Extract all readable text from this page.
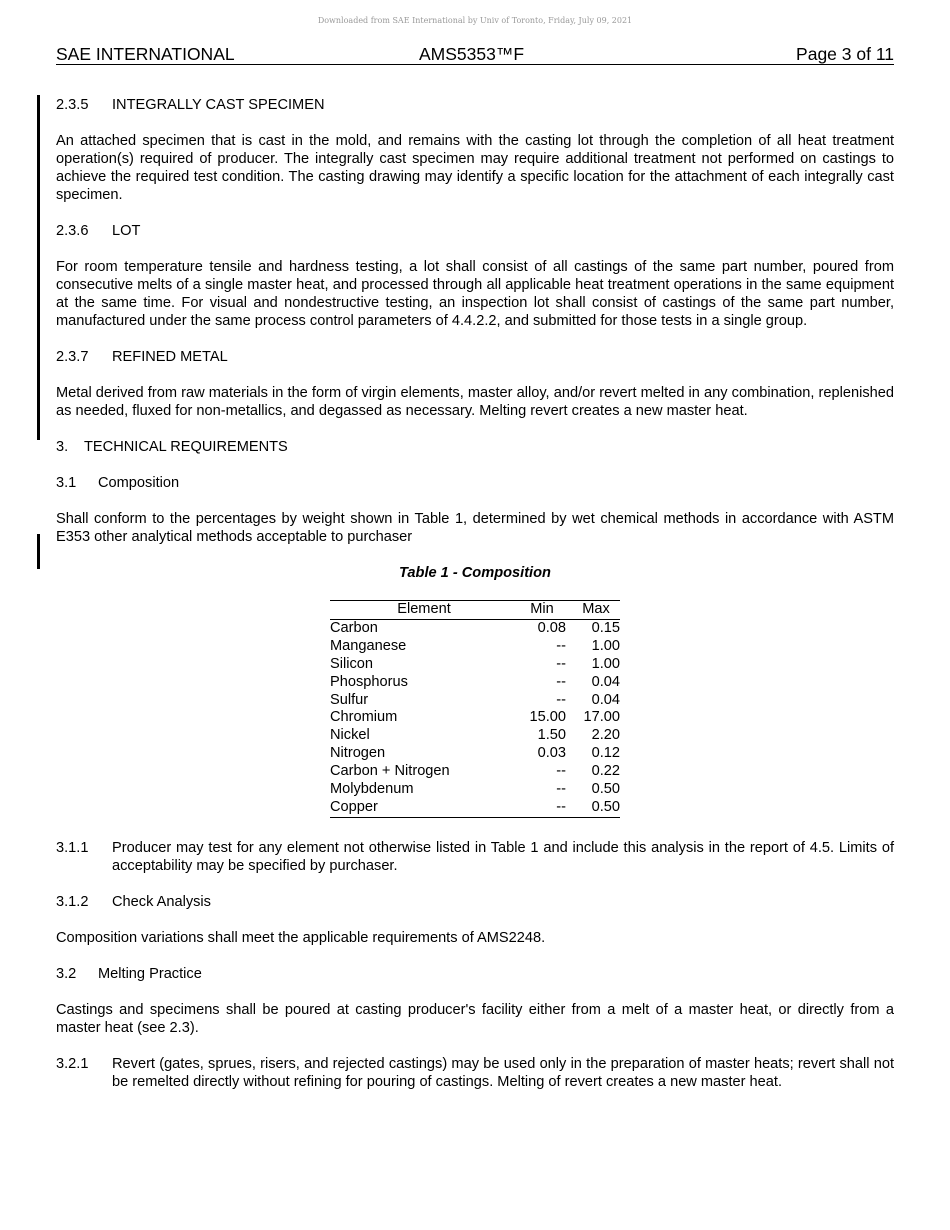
Downloaded from SAE International by Univ of Toronto, Friday, July 09, 2021
SAE INTERNATIONAL	AMS5353™F	Page 3 of 11
2.3.5 INTEGRALLY CAST SPECIMEN

An attached specimen that is cast in the mold, and remains with the casting lot through the completion of all heat treatment operation(s) required of producer. The integrally cast specimen may require additional treatment not performed on castings to achieve the required test condition. The casting drawing may identify a specific location for the attachment of each integrally cast specimen.

2.3.6 LOT

For room temperature tensile and hardness testing, a lot shall consist of all castings of the same part number, poured from consecutive melts of a single master heat, and processed through all applicable heat treatment operations in the same equipment at the same time. For visual and nondestructive testing, an inspection lot shall consist of castings of the same part number, manufactured under the same process control parameters of 4.4.2.2, and submitted for those tests in a single group.

2.3.7 REFINED METAL

Metal derived from raw materials in the form of virgin elements, master alloy, and/or revert melted in any combination, replenished as needed, fluxed for non-metallics, and degassed as necessary. Melting revert creates a new master heat.

3. TECHNICAL REQUIREMENTS
3.1 Composition

Shall conform to the percentages by weight shown in Table 1, determined by wet chemical methods in accordance with ASTM E353 other analytical methods acceptable to purchaser

Table 1 - Composition
Element	Min	Max
Carbon	0.08	0.15
Manganese	--	1.00
Silicon	--	1.00
Phosphorus	--	0.04
Sulfur	--	0.04
Chromium	15.00	17.00
Nickel	1.50	2.20
Nitrogen	0.03	0.12
Carbon + Nitrogen	--	0.22
Molybdenum	--	0.50
Copper	--	0.50
3.1.1	Producer may test for any element not otherwise listed in Table 1 and include this analysis in the report of 4.5. Limits of acceptability may be specified by purchaser.
3.1.2 Check Analysis

Composition variations shall meet the applicable requirements of AMS2248.

3.2 Melting Practice

Castings and specimens shall be poured at casting producer's facility either from a melt of a master heat, or directly from a master heat (see 2.3).

3.2.1	Revert (gates, sprues, risers, and rejected castings) may be used only in the preparation of master heats; revert shall not be remelted directly without refining for pouring of castings. Melting of revert creates a new master heat.
